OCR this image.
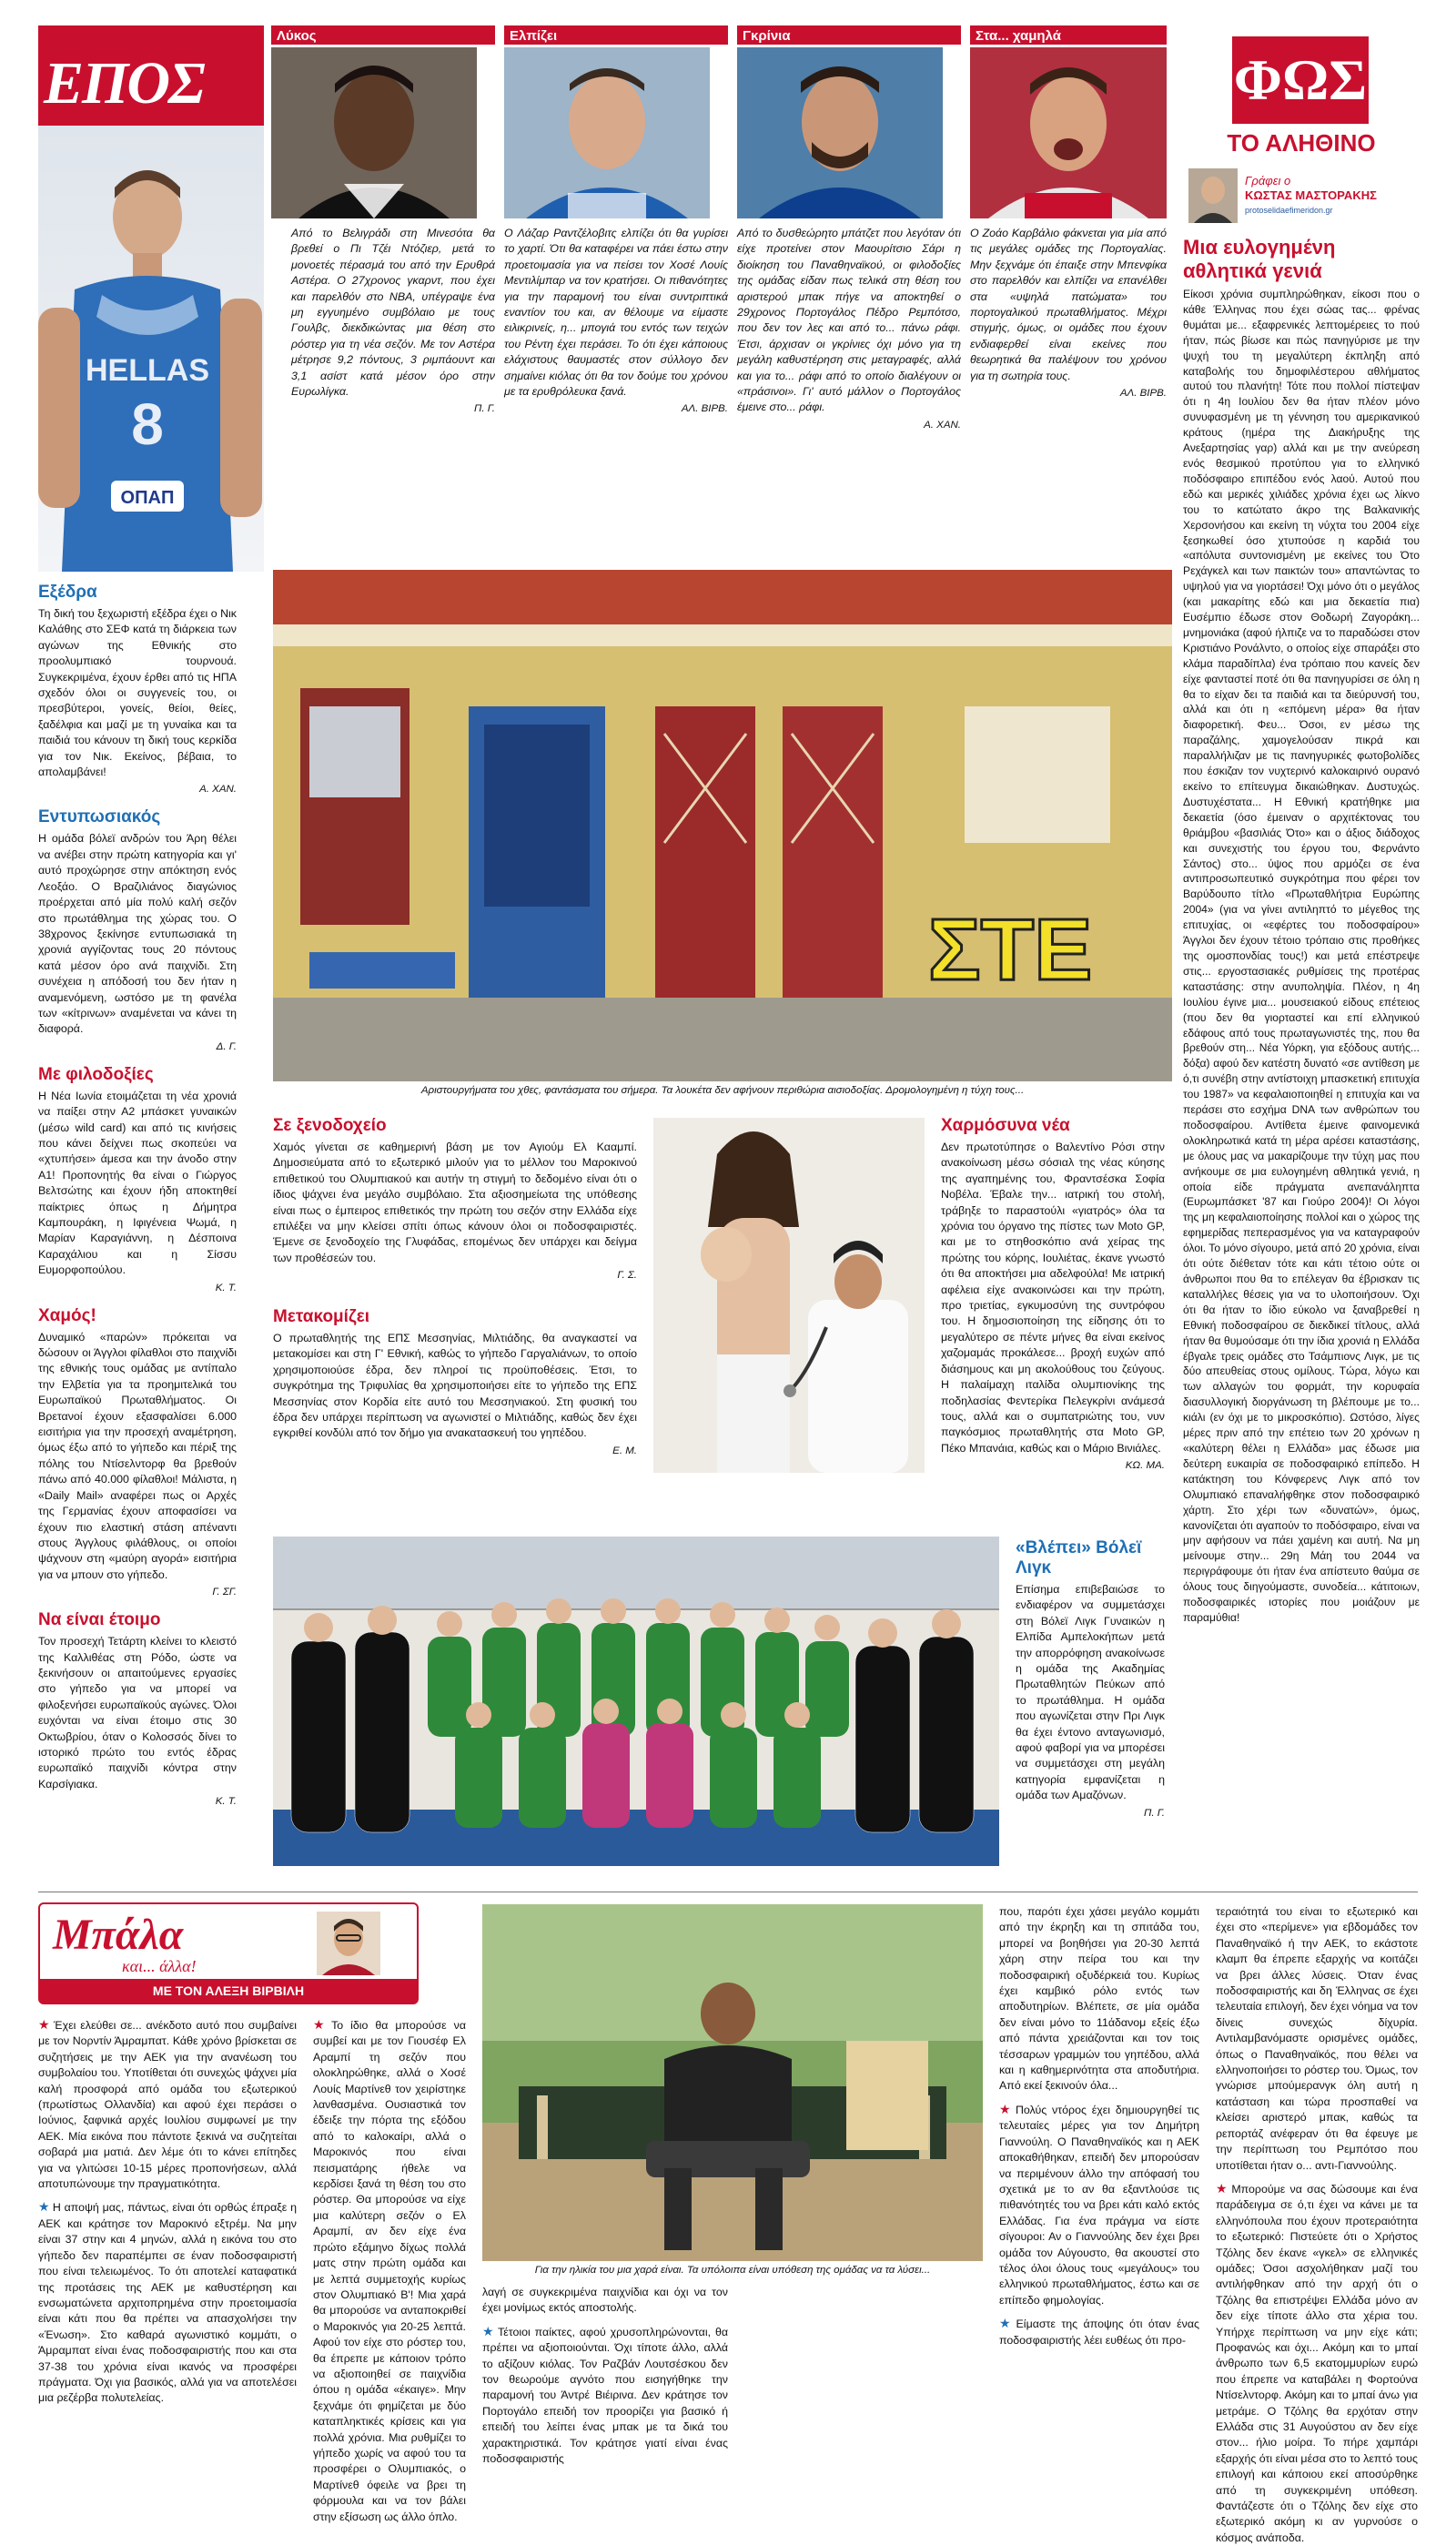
ΕΠΟΣ
HELLAS
8
ΟΠΑΠ
Λύκος
Από το Βελιγράδι στη Μινεσότα θα βρεθεί ο Πι Τζέι Ντόζιερ, μετά το μονοετές πέρασμά του από την Ερυθρά Αστέρα. Ο 27χρονος γκαρντ, που έχει και παρελθόν στο ΝΒΑ, υπέγραψε ένα μη εγγυημένο συμβόλαιο με τους Γουλβς, διεκδικώντας μια θέση στο ρόστερ για τη νέα σεζόν. Με τον Αστέρα μέτρησε 9,2 πόντους, 3 ριμπάουντ και 3,1 ασίστ κατά μέσον όρο στην Ευρωλίγκα.
Π. Γ.
Ελπίζει
Ο Λάζαρ Ραντζέλοβιτς ελπίζει ότι θα γυρίσει το χαρτί. Ότι θα καταφέρει να πάει έστω στην προετοιμασία για να πείσει τον Χοσέ Λουίς Μεντιλίμπαρ να τον κρατήσει. Οι πιθανότητες για την παραμονή του είναι συντριπτικά εναντίον του και, αν θέλουμε να είμαστε ειλικρινείς, η... μπογιά του εντός των τειχών του Ρέντη έχει περάσει. Το ότι έχει κάποιους ελάχιστους θαυμαστές στον σύλλογο δεν σημαίνει κιόλας ότι θα τον δούμε του χρόνου με τα ερυθρόλευκα ξανά.
ΑΛ. ΒΙΡΒ.
Γκρίνια
Από το δυσθεώρητο μπάτζετ που λεγόταν ότι είχε προτείνει στον Μαουρίτσιο Σάρι η διοίκηση του Παναθηναϊκού, οι φιλοδοξίες της ομάδας είδαν πως τελικά στη θέση του αριστερού μπακ πήγε να αποκτηθεί ο 29χρονος Πορτογάλος Πέδρο Ρεμπότσο, που δεν τον λες και από το... πάνω ράφι. Έτσι, άρχισαν οι γκρίνιες όχι μόνο για τη μεγάλη καθυστέρηση στις μεταγραφές, αλλά και για το... ράφι από το οποίο διαλέγουν οι «πράσινοι». Γι' αυτό μάλλον ο Πορτογάλος έμεινε στο... ράφι.
Α. ΧΑΝ.
Στα... χαμηλά
Ο Ζοάο Καρβάλιο φάκνεται για μία από τις μεγάλες ομάδες της Πορτογαλίας. Μην ξεχνάμε ότι έπαιξε στην Μπενφίκα στο παρελθόν και ελπίζει να επανέλθει στα «υψηλά πατώματα» του πορτογαλικού πρωταθλήματος. Μέχρι στιγμής, όμως, οι ομάδες που έχουν ενδιαφερθεί είναι εκείνες που θεωρητικά θα παλέψουν του χρόνου για τη σωτηρία τους.
ΑΛ. ΒΙΡΒ.
ΦΩΣ
ΤΟ ΑΛΗΘΙΝΟ
Γράφει ο
ΚΩΣΤΑΣ ΜΑΣΤΟΡΑΚΗΣ
protoselidaefimeridon.gr
Μια ευλογημένη αθλητικά γενιά
Είκοσι χρόνια συμπληρώθηκαν, είκοσι που ο κάθε Έλληνας που έχει σώας τας... φρένας θυμάται με... εξαφρενικές λεπτομέρειες το πού ήταν, πώς βίωσε και πώς πανηγύρισε με την ψυχή του τη μεγαλύτερη έκπληξη από καταβολής του δημοφιλέστερου αθλήματος αυτού του πλανήτη! Τότε που πολλοί πίστεψαν ότι η 4η Ιουλίου δεν θα ήταν πλέον μόνο συνυφασμένη με τη γέννηση του αμερικανικού κράτους (ημέρα της Διακήρυξης της Ανεξαρτησίας γαρ) αλλά και με την ανεύρεση ενός θεσμικού προτύπου για το ελληνικό ποδόσφαιρο επιπέδου ενός λαού. Αυτού που εδώ και μερικές χιλιάδες χρόνια έχει ως λίκνο του το κατώτατο άκρο της Βαλκανικής Χερσονήσου και εκείνη τη νύχτα του 2004 είχε ξεσηκωθεί όσο χτυπούσε η καρδιά του «απόλυτα συντονισμένη με εκείνες του Ότο Ρεχάγκελ και των παικτών του» απαντώντας το υψηλού για να γιορτάσει! Όχι μόνο ότι ο μεγάλος (και μακαρίτης εδώ και μια δεκαετία πια) Ευσέμπιο έδωσε στον Θοδωρή Ζαγοράκη... μνημονιάκα (αφού ήλπιζε να το παραδώσει στον Κριστιάνο Ρονάλντο, ο οποίος είχε σπαράξει στο κλάμα παραδίπλα) ένα τρόπαιο που κανείς δεν είχε φανταστεί ποτέ ότι θα πανηγυρίσει σε όλη η θα το είχαν δει τα παιδιά και τα διεύρυνσή του, αλλά και ότι η «επόμενη μέρα» θα ήταν διαφορετική. Φευ... Όσοι, εν μέσω της παραζάλης, χαμογελούσαν πικρά και παραλλήλιζαν με τις πανηγυρικές φωτοβολίδες που έσκιζαν τον νυχτερινό καλοκαιρινό ουρανό εκείνο το επίτευγμα δικαιώθηκαν. Δυστυχώς. Δυστυχέστατα... Η Εθνική κρατήθηκε μια δεκαετία (όσο έμειναν ο αρχιτέκτονας του θριάμβου «βασιλιάς Ότο» και ο άξιος διάδοχος και συνεχιστής του έργου του, Φερνάντο Σάντος) στο... ύψος που αρμόζει σε ένα αντιπροσωπευτικό συγκρότημα που φέρει τον Βαρύδουπο τίτλο «Πρωταθλήτρια Ευρώπης 2004» (για να γίνει αντιληπτό το μέγεθος της επιτυχίας, οι «εφέρτες του ποδοσφαίρου» Άγγλοι δεν έχουν τέτοιο τρόπαιο στις προθήκες της ομοσπονδίας τους!) και μετά επέστρεψε στις... εργοστασιακές ρυθμίσεις της προτέρας καταστάσης: στην ανυποληψία. Πλέον, η 4η Ιουλίου έγινε μια... μουσειακού είδους επέτειος (που δεν θα γιορταστεί και επί ελληνικού εδάφους από τους πρωταγωνιστές της, που θα βρεθούν στη... Νέα Υόρκη, για εξόδους αυτής... δόξα) αφού δεν κατέστη δυνατό «σε αντίθεση με ό,τι συνέβη στην αντίστοιχη μπασκετική επιτυχία του 1987» να κεφαλαιοποιηθεί η επιτυχία και να περάσει στο εσχήμα DNA των ανθρώπων του ποδοσφαίρου. Αντίθετα έμεινε φαινομενικά ολοκληρωτικά κατά τη μέρα αρέσει καταστάσης, με όλους μας να μακαρίζουμε την τύχη μας που ανήκουμε σε μια ευλογημένη αθλητικά γενιά, η οποία είδε πράγματα ανεπανάληπτα (Ευρωμπάσκετ '87 και Γιούρο 2004)! Οι λόγοι της μη κεφαλαιοποίησης πολλοί και ο χώρος της εφημερίδας πεπερασμένος για να καταγραφούν όλοι. Το μόνο σίγουρο, μετά από 20 χρόνια, είναι ότι ούτε διέθεταν τότε και κάτι τέτοιο ούτε οι άνθρωποι που θα το επέλεγαν θα έβρισκαν τις καταλλήλες θέσεις για να το υλοποιήσουν. Όχι ότι θα ήταν το ίδιο εύκολο να ξαναβρεθεί η Εθνική ποδοσφαίρου σε διεκδικεί τίτλους, αλλά ήταν θα θυμούσαμε ότι την ίδια χρονιά η Ελλάδα έβγαλε τρεις ομάδες στο Τσάμπιονς Λιγκ, με τις δύο απευθείας στους ομίλους. Τώρα, λόγω και των αλλαγών του φορμάτ, την κορυφαία διασυλλογική διοργάνωση τη βλέπουμε με το... κιάλι (εν όχι με το μικροσκόπιο). Ωστόσο, λίγες μέρες πριν από την επέτειο των 20 χρόνων η «καλύτερη θέλει η Ελλάδα» μας έδωσε μια δεύτερη ευκαιρία σε ποδοσφαιρικό επίπεδο. Η κατάκτηση του Κόνφερενς Λιγκ από τον Ολυμπιακό επαναλήφθηκε στον ποδοσφαιρικό χάρτη. Στο χέρι των «δυνατών», όμως, κανονίζεται ότι αγαπούν το ποδόσφαιρο, είναι να μην αφήσουν να πάει χαμένη και αυτή. Να μη μείνουμε στην... 29η Μάη του 2044 να περιγράφουμε ότι ήταν ένα απίστευτο θαύμα σε όλους τους διηγούμαστε, συνοδεία... κάτιτοιων, ποδοσφαιρικές ιστορίες που μοιάζουν με παραμύθια!
Εξέδρα
Τη δική του ξεχωριστή εξέδρα έχει ο Νικ Καλάθης στο ΣΕΦ κατά τη διάρκεια των αγώνων της Εθνικής στο προολυμπιακό τουρνουά. Συγκεκριμένα, έχουν έρθει από τις ΗΠΑ σχεδόν όλοι οι συγγενείς του, οι πρεσβύτεροι, γονείς, θείοι, θείες, ξαδέλφια και μαζί με τη γυναίκα και τα παιδιά του κάνουν τη δική τους κερκίδα για τον Νικ. Εκείνος, βέβαια, το απολαμβάνει!
Α. ΧΑΝ.
Εντυπωσιακός
Η ομάδα βόλεϊ ανδρών του Άρη θέλει να ανέβει στην πρώτη κατηγορία και γι' αυτό προχώρησε στην απόκτηση ενός Λεοξάο. Ο Βραζιλιάνος διαγώνιος προέρχεται από μία πολύ καλή σεζόν στο πρωτάθλημα της χώρας του. Ο 38χρονος ξεκίνησε εντυπωσιακά τη χρονιά αγγίζοντας τους 20 πόντους κατά μέσον όρο ανά παιχνίδι. Στη συνέχεια η απόδοσή του δεν ήταν η αναμενόμενη, ωστόσο με τη φανέλα των «κίτρινων» αναμένεται να κάνει τη διαφορά.
Δ. Γ.
Με φιλοδοξίες
Η Νέα Ιωνία ετοιμάζεται τη νέα χρονιά να παίξει στην Α2 μπάσκετ γυναικών (μέσω wild card) και από τις κινήσεις που κάνει δείχνει πως σκοπεύει να «χτυπήσει» άμεσα και την άνοδο στην Α1! Προπονητής θα είναι ο Γιώργος Βελτσώτης και έχουν ήδη αποκτηθεί παίκτριες όπως η Δήμητρα Καμπουράκη, η Ιφιγένεια Ψωμά, η Μαρίαν Καραγιάννη, η Δέσποινα Καραχάλιου και η Σίσσυ Ευμορφοπούλου.
Κ. Τ.
Χαμός!
Δυναμικό «παρών» πρόκειται να δώσουν οι Άγγλοι φίλαθλοι στο παιχνίδι της εθνικής τους ομάδας με αντίπαλο την Ελβετία για τα προημιτελικά του Ευρωπαϊκού Πρωταθλήματος. Οι Βρετανοί έχουν εξασφαλίσει 6.000 εισιτήρια για την προσεχή αναμέτρηση, όμως έξω από το γήπεδο και πέριξ της πόλης του Ντίσελντορφ θα βρεθούν πάνω από 40.000 φίλαθλοι! Μάλιστα, η «Daily Mail» αναφέρει πως οι Αρχές της Γερμανίας έχουν αποφασίσει να έχουν πιο ελαστική στάση απέναντι στους Άγγλους φιλάθλους, οι οποίοι ψάχνουν στη «μαύρη αγορά» εισιτήρια για να μπουν στο γήπεδο.
Γ. ΣΓ.
Να είναι έτοιμο
Τον προσεχή Τετάρτη κλείνει το κλειστό της Καλλιθέας στη Ρόδο, ώστε να ξεκινήσουν οι απαιτούμενες εργασίες στο γήπεδο για να μπορεί να φιλοξενήσει ευρωπαϊκούς αγώνες. Όλοι ευχόνται να είναι έτοιμο στις 30 Οκτωβρίου, όταν ο Κολοσσός δίνει το ιστορικό πρώτο του εντός έδρας ευρωπαϊκό παιχνίδι κόντρα στην Καρσίγιακα.
Κ. Τ.
ΣΤΕ
Αριστουργήματα του χθες, φαντάσματα του σήμερα. Τα λουκέτα δεν αφήνουν περιθώρια αισιοδοξίας. Δρομολογημένη η τύχη τους...
Σε ξενοδοχείο
Χαμός γίνεται σε καθημερινή βάση με τον Αγιούμ Ελ Κααμπί. Δημοσιεύματα από το εξωτερικό μιλούν για το μέλλον του Μαροκινού επιθετικού του Ολυμπιακού και αυτήν τη στιγμή το δεδομένο είναι ότι ο ίδιος ψάχνει ένα μεγάλο συμβόλαιο. Στα αξιοσημείωτα της υπόθεσης είναι πως ο έμπειρος επιθετικός την πρώτη του σεζόν στην Ελλάδα είχε επιλέξει να μην κλείσει σπίτι όπως κάνουν όλοι οι ποδοσφαιριστές. Έμενε σε ξενοδοχείο της Γλυφάδας, επομένως δεν υπάρχει και δείγμα των προθέσεών του.
Γ. Σ.
Μετακομίζει
Ο πρωταθλητής της ΕΠΣ Μεσσηνίας, Μιλτιάδης, θα αναγκαστεί να μετακομίσει και στη Γ' Εθνική, καθώς το γήπεδο Γαργαλιάνων, το οποίο χρησιμοποιούσε έδρα, δεν πληροί τις προϋποθέσεις. Έτσι, το συγκρότημα της Τριφυλίας θα χρησιμοποιήσει είτε το γήπεδο της ΕΠΣ Μεσσηνίας στον Κορδία είτε αυτό του Μεσσηνιακού. Στη φυσική του έδρα δεν υπάρχει περίπτωση να αγωνιστεί ο Μιλτιάδης, καθώς δεν έχει εγκριθεί κονδύλι από τον δήμο για ανακατασκευή του γηπέδου.
Ε. Μ.
Χαρμόσυνα νέα
Δεν πρωτοτύπησε ο Βαλεντίνο Ρόσι στην ανακοίνωση μέσω σόσιαλ της νέας κύησης της αγαπημένης του, Φραντσέσκα Σοφία Νοβέλα. Έβαλε την... ιατρική του στολή, τράβηξε το παραστούλι «γιατρός» όλα τα χρόνια του όργανο της πίστες των Moto GP, και με το στηθοσκόπιο ανά χείρας της πρώτης του κόρης, Ιουλιέτας, έκανε γνωστό ότι θα αποκτήσει μια αδελφούλα! Με ιατρική αφέλεια είχε ανακοινώσει και την πρώτη, προ τριετίας, εγκυμοσύνη της συντρόφου του. Η δημοσιοποίηση της είδησης ότι το μεγαλύτερο σε πέντε μήνες θα είναι εκείνος χαζομαμάς προκάλεσε... βροχή ευχών από διάσημους και μη ακολούθους του ζεύγους. Η παλαίμαχη ιταλίδα ολυμπιονίκης της ποδηλασίας Φεντερίκα Πελεγκρίνι ανάμεσά τους, αλλά και ο συμπατριώτης του, νυν παγκόσμιος πρωταθλητής στα Moto GP, Πέκο Μπανάια, καθώς και ο Μάριο Βινιάλες.
ΚΩ. ΜΑ.
«Βλέπει» Βόλεϊ Λιγκ
Επίσημα επιβεβαιώσε το ενδιαφέρον να συμμετάσχει στη Βόλεϊ Λιγκ Γυναικών η Ελπίδα Αμπελοκήπων μετά την απορρόφηση ανακοίνωσε η ομάδα της Ακαδημίας Πρωταθλητών Πεύκων από το πρωτάθλημα. Η ομάδα που αγωνίζεται στην Πρι Λιγκ θα έχει έντονο ανταγωνισμό, αφού φαβορί για να μπορέσει να συμμετάσχει στη μεγάλη κατηγορία εμφανίζεται η ομάδα των Αμαζόνων.
Π. Γ.
Μπάλα
και... άλλα!
ΜΕ ΤΟΝ ΑΛΕΞΗ ΒΙΡΒΙΛΗ

★ Έχει ελεύθει σε... ανέκδοτο αυτό που συμβαίνει με τον Νορντίν Άμραμπατ. Κάθε χρόνο βρίσκεται σε συζητήσεις με την ΑΕΚ για την ανανέωση του συμβολαίου του. Υποτίθεται ότι συνεχώς ψάχνει μία καλή προσφορά από ομάδα του εξωτερικού (πρωτίστως Ολλανδία) και αφού έχει περάσει ο Ιούνιος, ξαφνικά αρχές Ιουλίου συμφωνεί με την ΑΕΚ. Μία εικόνα που πάντοτε ξεκινά να συζητείται σοβαρά μια ματιά. Δεν λέμε ότι το κάνει επίτηδες για να γλιτώσει 10-15 μέρες προπονήσεων, αλλά αποτυπώνουμε την πραγματικότητα.

★ Η αποψή μας, πάντως, είναι ότι ορθώς έπραξε η ΑΕΚ και κράτησε τον Μαροκινό εξτρέμ. Να μην είναι 37 στην και 4 μηνών, αλλά η εικόνα του στο γήπεδο δεν παραπέμπει σε έναν ποδοσφαιριστή που είναι τελειωμένος. Το ότι αποτελεί καταφατικά της προτάσεις της ΑΕΚ με καθυστέρηση και ενσωματώνετα αρχιτοπρημένα στην προετοιμασία είναι κάτι που θα πρέπει να απασχολήσει την «Ένωση». Στο καθαρά αγωνιστικό κομμάτι, ο Άμραμπατ είναι ένας ποδοσφαιριστής που και στα 37-38 του χρόνια είναι ικανός να προσφέρει πράγματα. Όχι για βασικός, αλλά για να αποτελέσει μια ρεζέρβα πολυτελείας.

★ Το ίδιο θα μπορούσε να συμβεί και με τον Γιουσέφ Ελ Αραμπί τη σεζόν που ολοκληρώθηκε, αλλά ο Χοσέ Λουίς Μαρτίνεθ τον χειρίστηκε λανθασμένα. Ουσιαστικά τον έδειξε την πόρτα της εξόδου από το καλοκαίρι, αλλά ο Μαροκινός που είναι πεισματάρης ήθελε να κερδίσει ξανά τη θέση του στο ρόστερ. Θα μπορούσε να είχε μια καλύτερη σεζόν ο Ελ Αραμπί, αν δεν είχε ένα πρώτο εξάμηνο δίχως πολλά ματς στην πρώτη ομάδα και με λεπτά συμμετοχής κυρίως στον Ολυμπιακό Β'! Μια χαρά θα μπορούσε να ανταποκριθεί ο Μαροκινός για 20-25 λεπτά. Αφού τον είχε στο ρόστερ του, θα έπρεπε με κάποιον τρόπο να αξιοποιηθεί σε παιχνίδια όπου η ομάδα «έκαιγε». Μην ξεχνάμε ότι φημίζεται με δύο καταπληκτικές κρίσεις και για πολλά χρόνια. Μια ρυθμίζει το γήπεδο χωρίς να αφού του τα προσφέρει ο Ολυμπιακός, ο Μαρτίνεθ όφειλε να βρει τη φόρμουλα και να τον βάλει στην εξίσωση ως άλλο όπλο.

Για την ηλικία του μια χαρά είναι. Τα υπόλοιπα είναι υπόθεση της ομάδας να τα λύσει...

λαγή σε συγκεκριμένα παιχνίδια και όχι να τον έχει μονίμως εκτός αποστολής.

★ Τέτοιοι παίκτες, αφού χρυσοπληρώνονται, θα πρέπει να αξιοποιούνται. Όχι τίποτε άλλο, αλλά το αξίζουν κιόλας. Τον Ραζβάν Λουτσέσκου δεν τον θεωρούμε αγνότο που εισηγήθηκε την παραμονή του Άντρέ Βιέιρινα. Δεν κράτησε τον Πορτογάλο επειδή τον προορίζει για βασικό ή επειδή του λείπει ένας μπακ με τα δικά του χαρακτηριστικά. Τον κράτησε γιατί είναι ένας ποδοσφαιριστής

που, παρότι έχει χάσει μεγάλο κομμάτι από την έκρηξη και τη σπιτάδα του, μπορεί να βοηθήσει για 20-30 λεπτά χάρη στην πείρα του και την ποδοσφαιρική οξυδέρκειά του. Κυρίως έχει καμβικό ρόλο εντός των αποδυτηρίων. Βλέπετε, σε μία ομάδα δεν είναι μόνο το 11άδανομ εξείς έξω από πάντα χρειάζονται και τον τοις τέσσαρων γραμμών του γηπέδου, αλλά και η καθημερινότητα στα αποδυτήρια. Από εκεί ξεκινούν όλα...

★ Πολύς ντόρος έχει δημιουργηθεί τις τελευταίες μέρες για τον Δημήτρη Γιαννούλη. Ο Παναθηναϊκός και η ΑΕΚ αποκαθήθηκαν, επειδή δεν μπορούσαν να περιμένουν άλλο την απόφασή του σχετικά με το αν θα εξαντλούσε τις πιθανότητές του να βρει κάτι καλό εκτός Ελλάδας. Για ένα πράγμα να είστε σίγουροι: Αν ο Γιαννούλης δεν έχει βρει ομάδα τον Αύγουστο, θα ακουστεί στο τέλος όλοι όλους τους «μεγάλους» του ελληνικού πρωταθλήματος, έστω και σε επίπεδο φημολογίας.

★ Είμαστε της άποψης ότι όταν ένας ποδοσφαιριστής λέει ευθέως ότι προ-

τεραιότητά του είναι το εξωτερικό και έχει στο «περίμενε» για εβδομάδες τον Παναθηναϊκό ή την ΑΕΚ, το εκάστοτε κλαμπ θα έπρεπε εξαρχής να κοιτάζει να βρει άλλες λύσεις. Όταν ένας ποδοσφαιριστής και δη Έλληνας σε έχει τελευταία επιλογή, δεν έχει νόημα να τον δίνεις συνεχώς δίχυρία. Αντιλαμβανόμαστε ορισμένες ομάδες, όπως ο Παναθηναϊκός, που θέλει να ελληνοποιήσει το ρόστερ του. Όμως, τον γνώρισε μπούμερανγκ όλη αυτή η κατάσταση και τώρα προσπαθεί να κλείσει αριστερό μπακ, καθώς τα ρεπορτάζ ανέφεραν ότι θα έφευγε με την περίπτωση του Ρεμπότσο που υποτίθεται ήταν ο... αντι-Γιαννούλης.

★ Μπορούμε να σας δώσουμε και ένα παράδειγμα σε ό,τι έχει να κάνει με τα ελληνόπουλα που έχουν προτεραιότητα το εξωτερικό: Πιστεύετε ότι ο Χρήστος Τζόλης δεν έκανε «γκελ» σε ελληνικές ομάδες; Όσοι ασχολήθηκαν μαζί του αντιλήφθηκαν από την αρχή ότι ο Τζόλης θα επιστρέψει Ελλάδα μόνο αν δεν είχε τίποτε άλλο στα χέρια του. Υπήρχε περίπτωση να μην είχε κάτι; Προφανώς και όχι... Ακόμη και το μπαί άνθρωπο των 6,5 εκατομμυρίων ευρώ που έπρεπε να καταβάλει η Φορτούνα Ντίσελντορφ. Ακόμη και το μπαί άνω για μετράμε. Ο Τζόλης θα ερχόταν στην Ελλάδα στις 31 Αυγούστου αν δεν είχε στον... ήλιο μοίρα. Το πήρε χαμπάρι εξαρχής ότι είναι μέσα στο το λεπτό τους επιλογή και κάποιου εκεί αποσύρθηκε από τη συγκεκριμένη υπόθεση. Φαντάζεστε ότι ο Τζόλης δεν είχε στο εξωτερικό ακόμη κι αν γυρνούσε ο κόσμος ανάποδα.
